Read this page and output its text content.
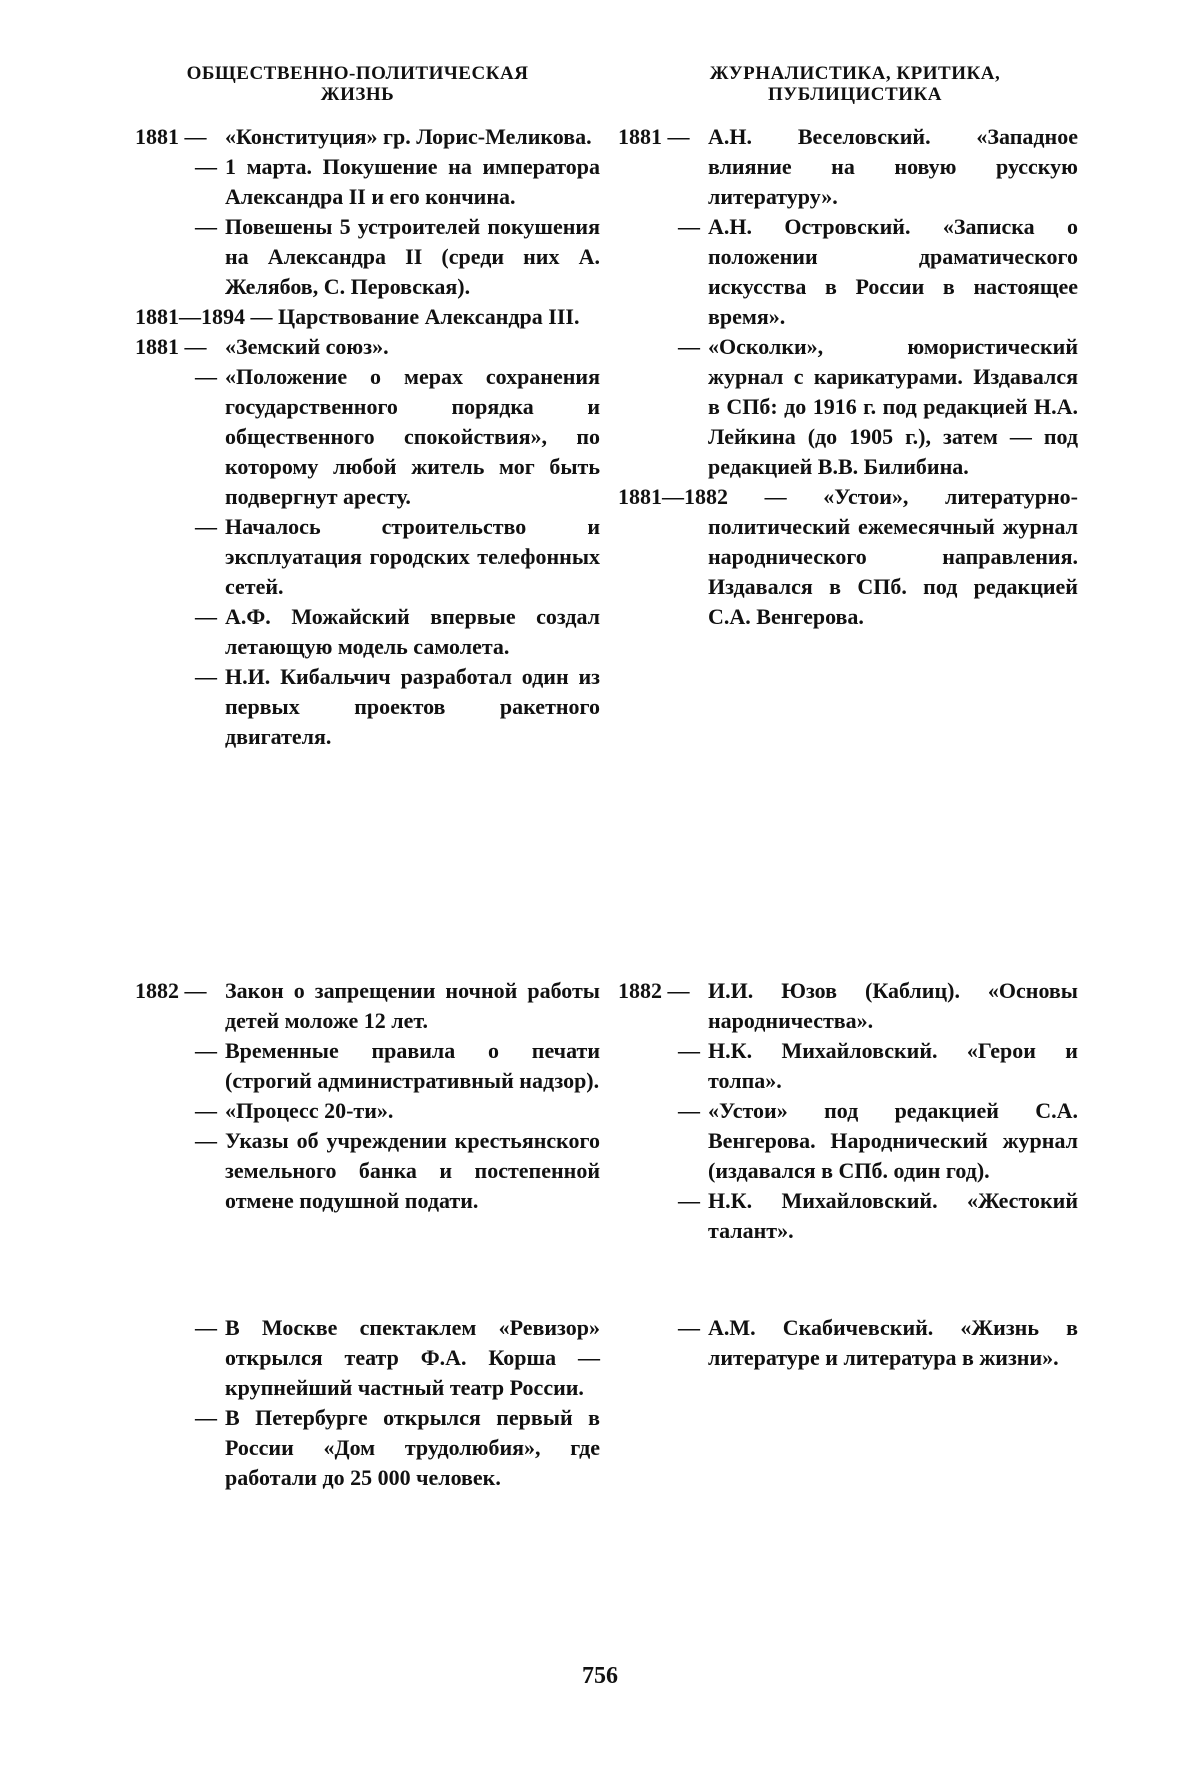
ОБЩЕСТВЕННО-ПОЛИТИЧЕСКАЯ ЖИЗНЬ
ЖУРНАЛИСТИКА, КРИТИКА, ПУБЛИЦИСТИКА
1881 — «Конституция» гр. Лорис-Меликова.
— 1 марта. Покушение на императора Александра II и его кончина.
— Повешены 5 устроителей покушения на Александра II (среди них А. Желябов, С. Перовская).
1881—1894 — Царствование Александра III.
1881 — «Земский союз».
— «Положение о мерах сохранения государственного порядка и общественного спокойствия», по которому любой житель мог быть подвергнут аресту.
— Началось строительство и эксплуатация городских телефонных сетей.
— А.Ф. Можайский впервые создал летающую модель самолета.
— Н.И. Кибальчич разработал один из первых проектов ракетного двигателя.
1882 — Закон о запрещении ночной работы детей моложе 12 лет.
— Временные правила о печати (строгий административный надзор).
— «Процесс 20-ти».
— Указы об учреждении крестьянского земельного банка и постепенной отмене подушной подати.
— В Москве спектаклем «Ревизор» открылся театр Ф.А. Корша — крупнейший частный театр России.
— В Петербурге открылся первый в России «Дом трудолюбия», где работали до 25 000 человек.
1881 — А.Н. Веселовский. «Западное влияние на новую русскую литературу».
— А.Н. Островский. «Записка о положении драматического искусства в России в настоящее время».
— «Осколки», юмористический журнал с карикатурами. Издавался в СПб: до 1916 г. под редакцией Н.А. Лейкина (до 1905 г.), затем — под редакцией В.В. Билибина.
1881—1882 — «Устои», литературно-политический ежемесячный журнал народнического направления. Издавался в СПб. под редакцией С.А. Венгерова.
1882 — И.И. Юзов (Каблиц). «Основы народничества».
— Н.К. Михайловский. «Герои и толпа».
— «Устои» под редакцией С.А. Венгерова. Народнический журнал (издавался в СПб. один год).
— Н.К. Михайловский. «Жестокий талант».
— А.М. Скабичевский. «Жизнь в литературе и литература в жизни».
756
